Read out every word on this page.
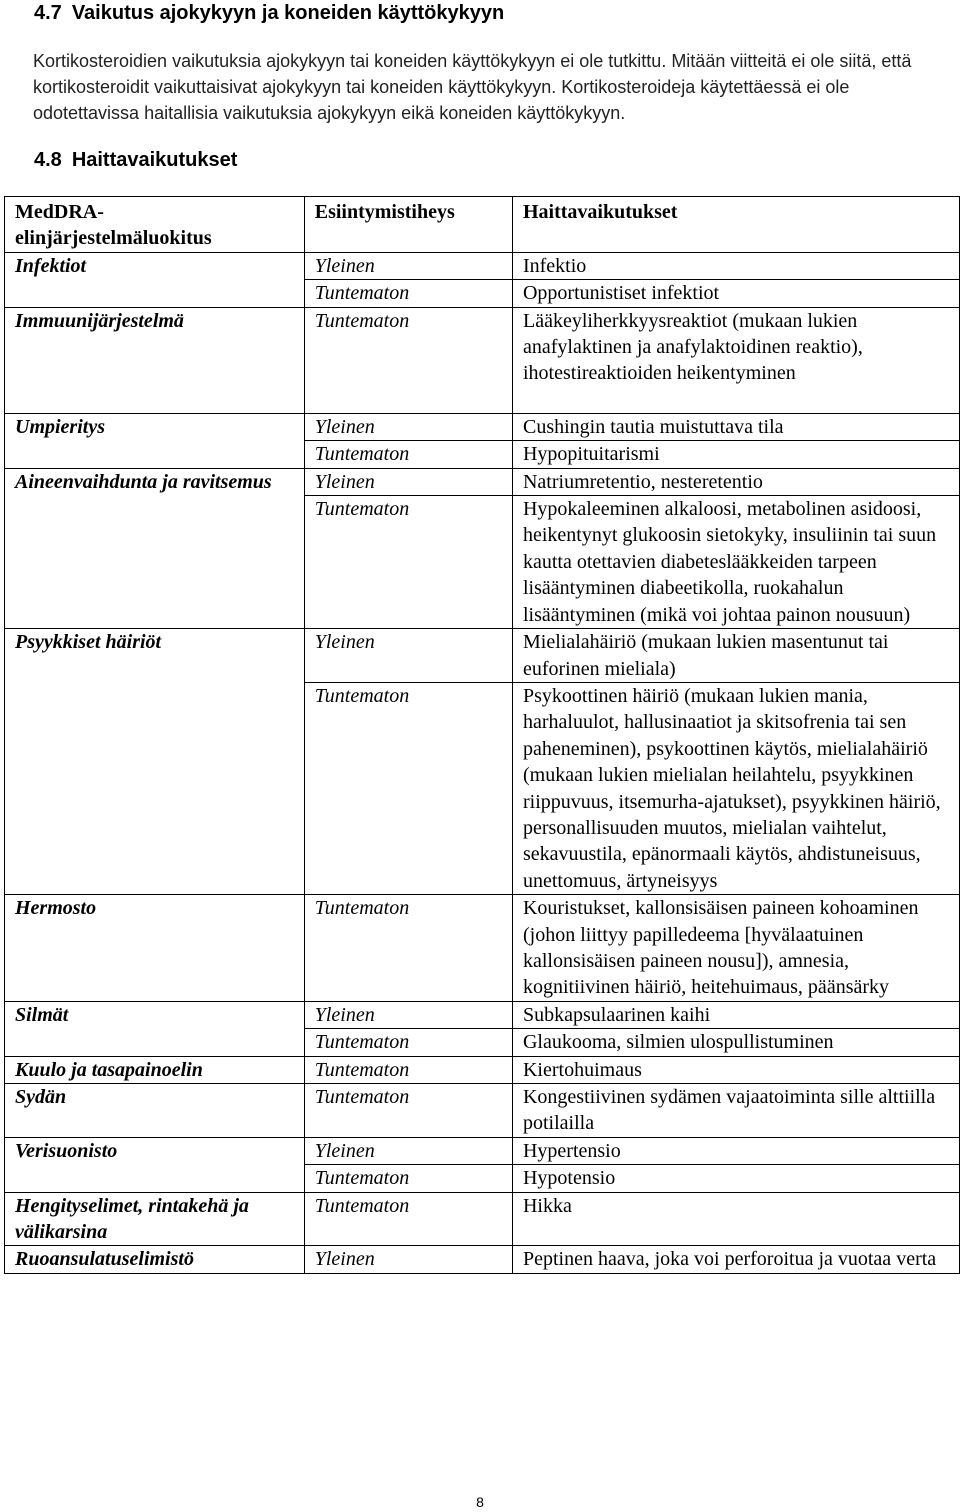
4.7 Vaikutus ajokykyyn ja koneiden käyttökykyyn

Kortikosteroidien vaikutuksia ajokykyyn tai koneiden käyttökykyyn ei ole tutkittu. Mitään viitteitä ei ole siitä, että kortikosteroidit vaikuttaisivat ajokykyyn tai koneiden käyttökykyyn. Kortikosteroideja käytettäessä ei ole odotettavissa haitallisia vaikutuksia ajokykyyn eikä koneiden käyttökykyyn.

4.8 Haittavaikutukset
MedDRA-elinjärjestelmäluokitus	Esiintymistiheys	Haittavaikutukset
Infektiot	Yleinen	Infektio
	Tuntematon	Opportunistiset infektiot
Immuunijärjestelmä	Tuntematon	Lääkeyliherkkyysreaktiot (mukaan lukien anafylaktinen ja anafylaktoidinen reaktio), ihotestireaktioiden heikentyminen
Umpieritys	Yleinen	Cushingin tautia muistuttava tila
	Tuntematon	Hypopituitarismi
Aineenvaihdunta ja ravitsemus	Yleinen	Natriumretentio, nesteretentio
	Tuntematon	Hypokaleeminen alkaloosi, metabolinen asidoosi, heikentynyt glukoosin sietokyky, insuliinin tai suun kautta otettavien diabeteslääkkeiden tarpeen lisääntyminen diabeetikolla, ruokahalun lisääntyminen (mikä voi johtaa painon nousuun)
Psyykkiset häiriöt	Yleinen	Mielialahäiriö (mukaan lukien masentunut tai euforinen mieliala)
	Tuntematon	Psykoottinen häiriö (mukaan lukien mania, harhaluulot, hallusinaatiot ja skitsofrenia tai sen paheneminen), psykoottinen käytös, mielialahäiriö (mukaan lukien mielialan heilahtelu, psyykkinen riippuvuus, itsemurha-ajatukset), psyykkinen häiriö, personallisuuden muutos, mielialan vaihtelut, sekavuustila, epänormaali käytös, ahdistuneisuus, unettomuus, ärtyneisyys
Hermosto	Tuntematon	Kouristukset, kallonsisäisen paineen kohoaminen (johon liittyy papilledeema [hyvälaatuinen kallonsisäisen paineen nousu]), amnesia, kognitiivinen häiriö, heitehuimaus, päänsärky
Silmät	Yleinen	Subkapsulaarinen kaihi
	Tuntematon	Glaukooma, silmien ulospullistuminen
Kuulo ja tasapainoelin	Tuntematon	Kiertohuimaus
Sydän	Tuntematon	Kongestiivinen sydämen vajaatoiminta sille alttiilla potilailla
Verisuonisto	Yleinen	Hypertensio
	Tuntematon	Hypotensio
Hengityselimet, rintakehä ja välikarsina	Tuntematon	Hikka
Ruoansulatuselimistö	Yleinen	Peptinen haava, joka voi perforoitua ja vuotaa verta
8
